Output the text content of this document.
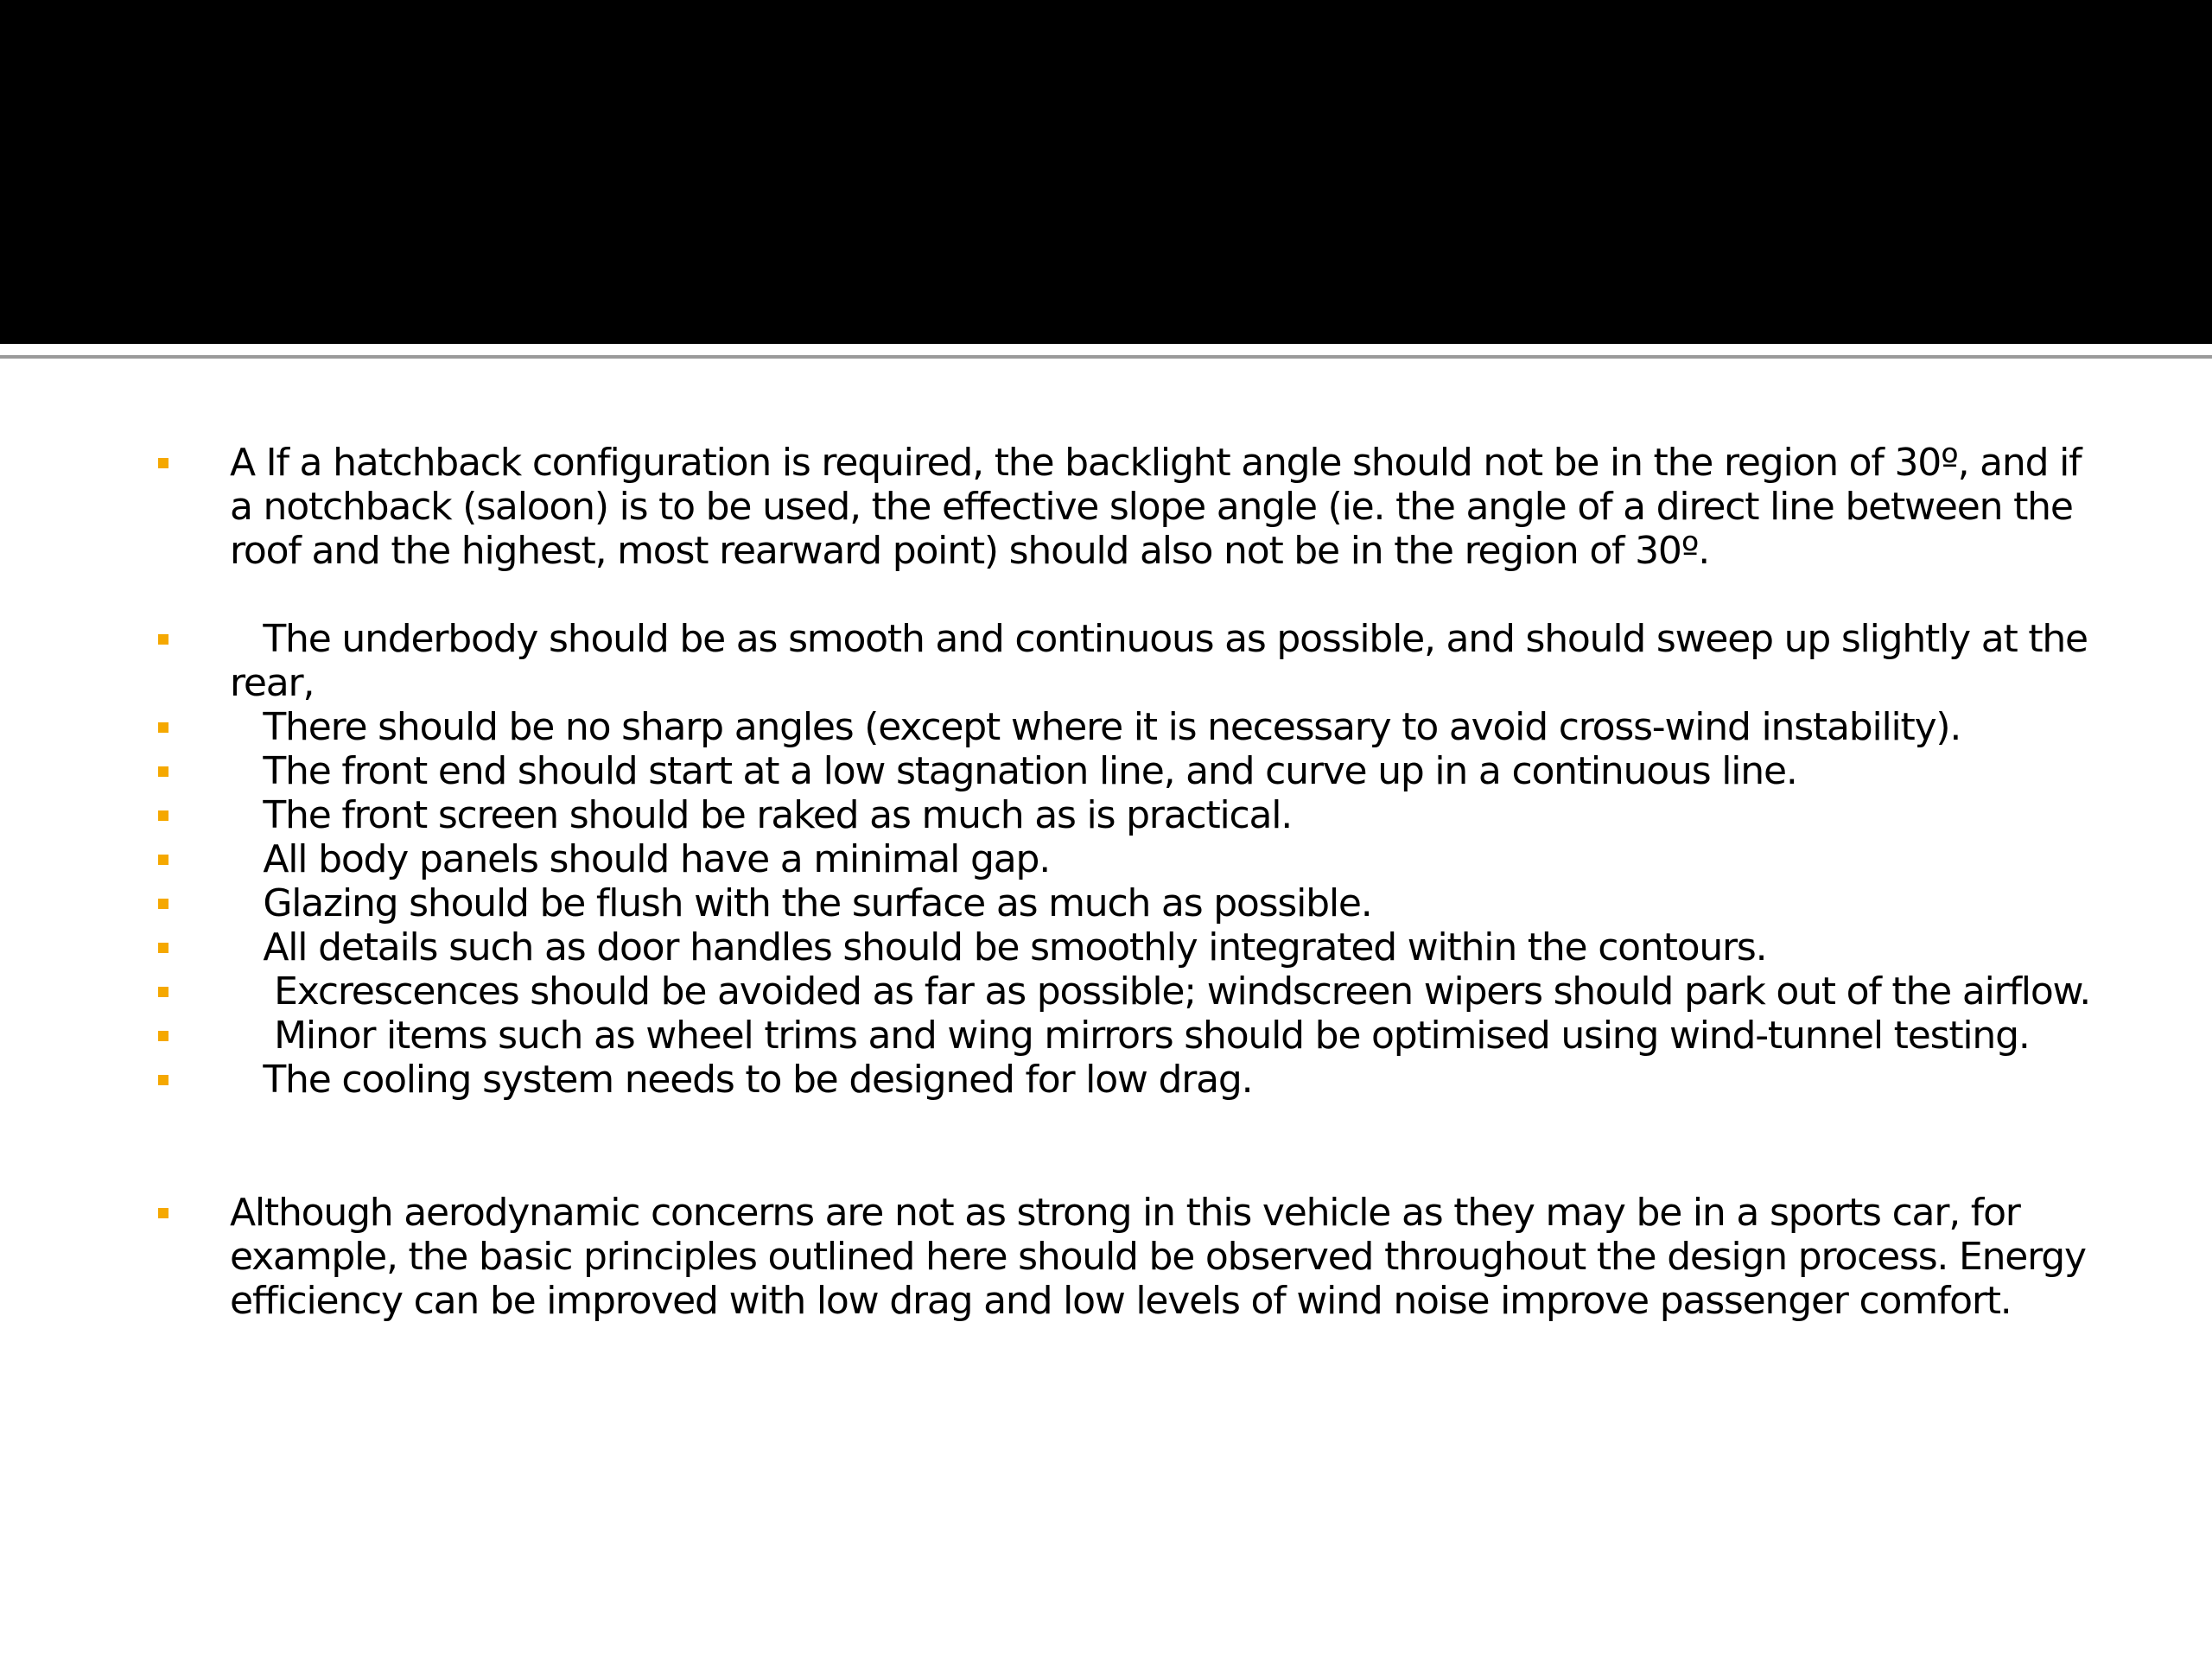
A If a hatchback configuration is required, the backlight angle should not be in the region of 30º, and if a notchback (saloon) is to be used, the effective slope angle (ie. the angle of a direct line between the roof and the highest, most rearward point) should also not be in the region of 30º.
The underbody should be as smooth and continuous as possible, and should sweep up slightly at the rear,
There should be no sharp angles (except where it is necessary to avoid cross-wind instability).
The front end should start at a low stagnation line, and curve up in a continuous line.
The front screen should be raked as much as is practical.
All body panels should have a minimal gap.
Glazing should be flush with the surface as much as possible.
All details such as door handles should be smoothly integrated within the contours.
Excrescences should be avoided as far as possible; windscreen wipers should park out of the airflow.
Minor items such as wheel trims and wing mirrors should be optimised using wind-tunnel testing.
The cooling system needs to be designed for low drag.
Although aerodynamic concerns are not as strong in this vehicle as they may be in a sports car, for example, the basic principles outlined here should be observed throughout the design process. Energy efficiency can be improved with low drag and low levels of wind noise improve passenger comfort.
